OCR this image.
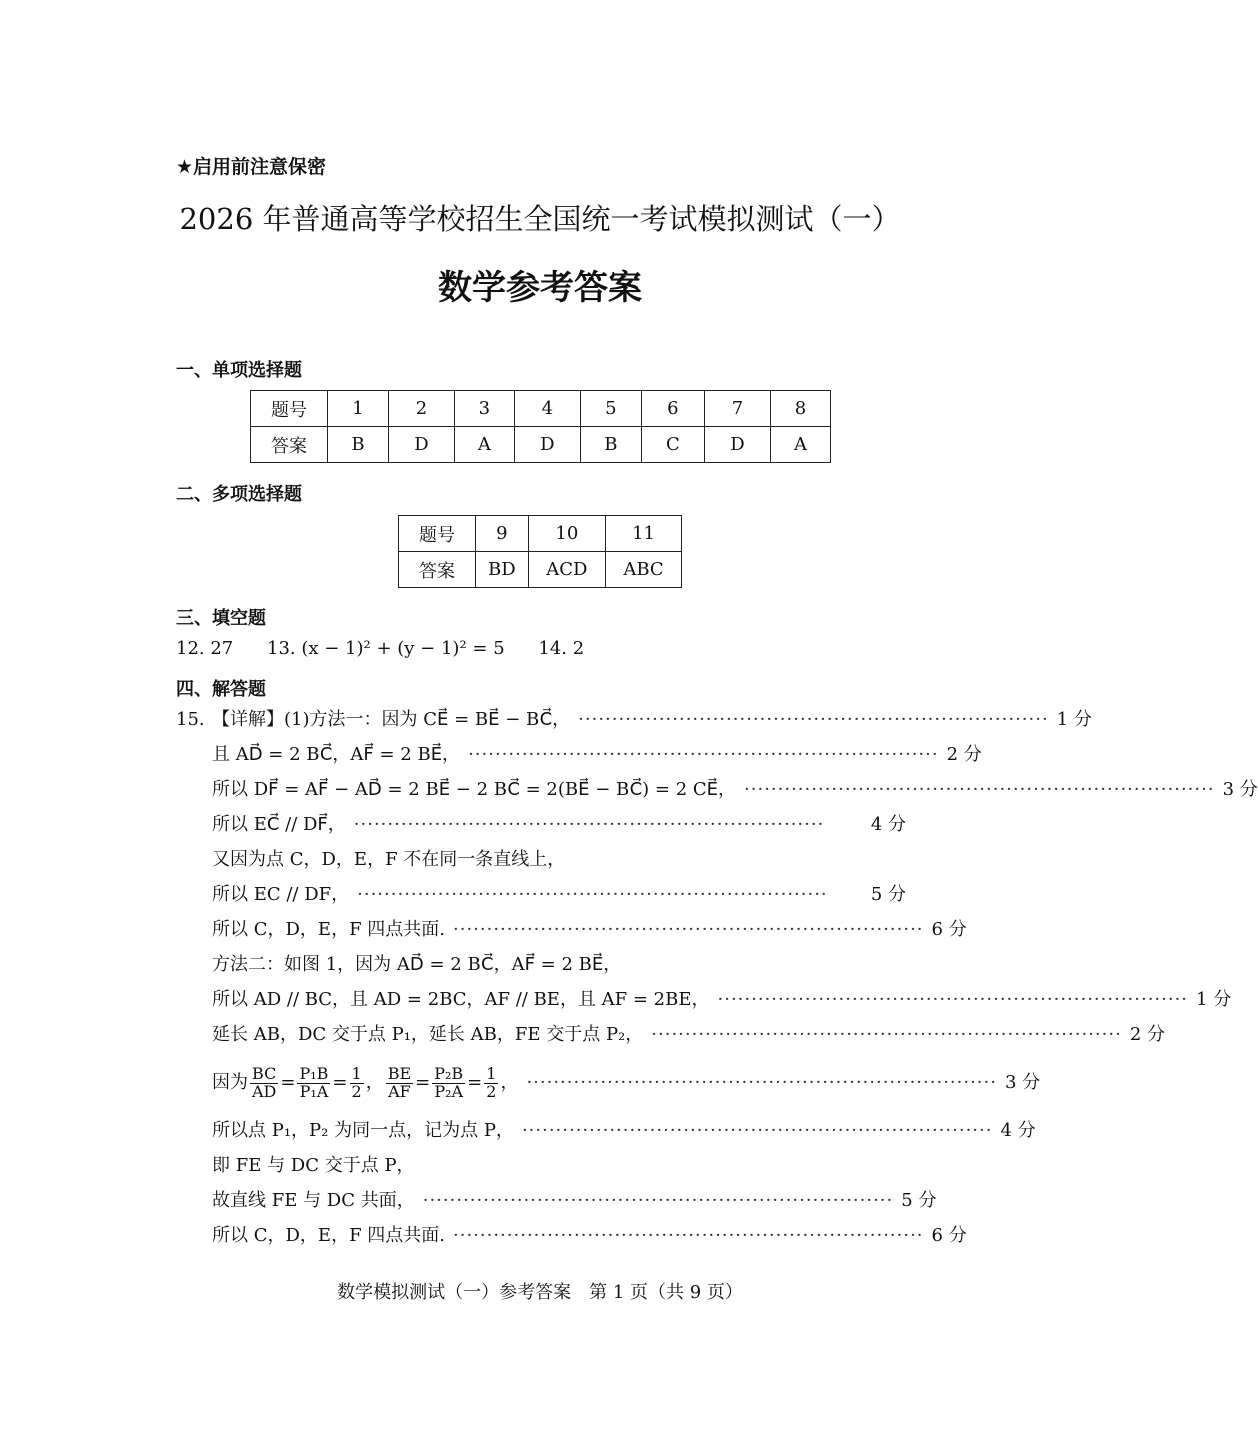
★启用前注意保密
2026 年普通高等学校招生全国统一考试模拟测试（一）
数学参考答案
一、单项选择题
题号	1	2	3	4	5	6	7	8
答案	B	D	A	D	B	C	D	A
二、多项选择题
题号	9	10	11
答案	BD	ACD	ABC
三、填空题
12. 27 13. (x − 1)² + (y − 1)² = 5 14. 2
四、解答题
15. 【详解】(1)方法一：因为 CE⃗ = BE⃗ − BC⃗， ······································································ 1 分
且 AD⃗ = 2 BC⃗，AF⃗ = 2 BE⃗， ······································································ 2 分
所以 DF⃗ = AF⃗ − AD⃗ = 2 BE⃗ − 2 BC⃗ = 2(BE⃗ − BC⃗) = 2 CE⃗， ······································································ 3 分
所以 EC⃗ // DF⃗， ······································································	4 分
又因为点 C，D，E，F 不在同一条直线上，
所以 EC // DF， ······································································	5 分
所以 C，D，E，F 四点共面. ······································································ 6 分
方法二：如图 1，因为 AD⃗ = 2 BC⃗，AF⃗ = 2 BE⃗，
所以 AD // BC，且 AD = 2BC，AF // BE，且 AF = 2BE， ······································································ 1 分
延长 AB，DC 交于点 P₁，延长 AB，FE 交于点 P₂， ······································································ 2 分
因为 $\frac{BC}{AD} = \frac{\text{P₁B}}{\text{P₁A}} = \frac{1}{2}$ ， $\frac{BE}{AF} = \frac{\text{P₂B}}{\text{P₂A}} = \frac{1}{2}$ ， ······································································ 3 分
所以点 P₁，P₂ 为同一点，记为点 P， ······································································ 4 分
即 FE 与 DC 交于点 P，
故直线 FE 与 DC 共面， ······································································ 5 分
所以 C，D，E，F 四点共面. ······································································ 6 分
数学模拟测试（一）参考答案　第 1 页（共 9 页）
